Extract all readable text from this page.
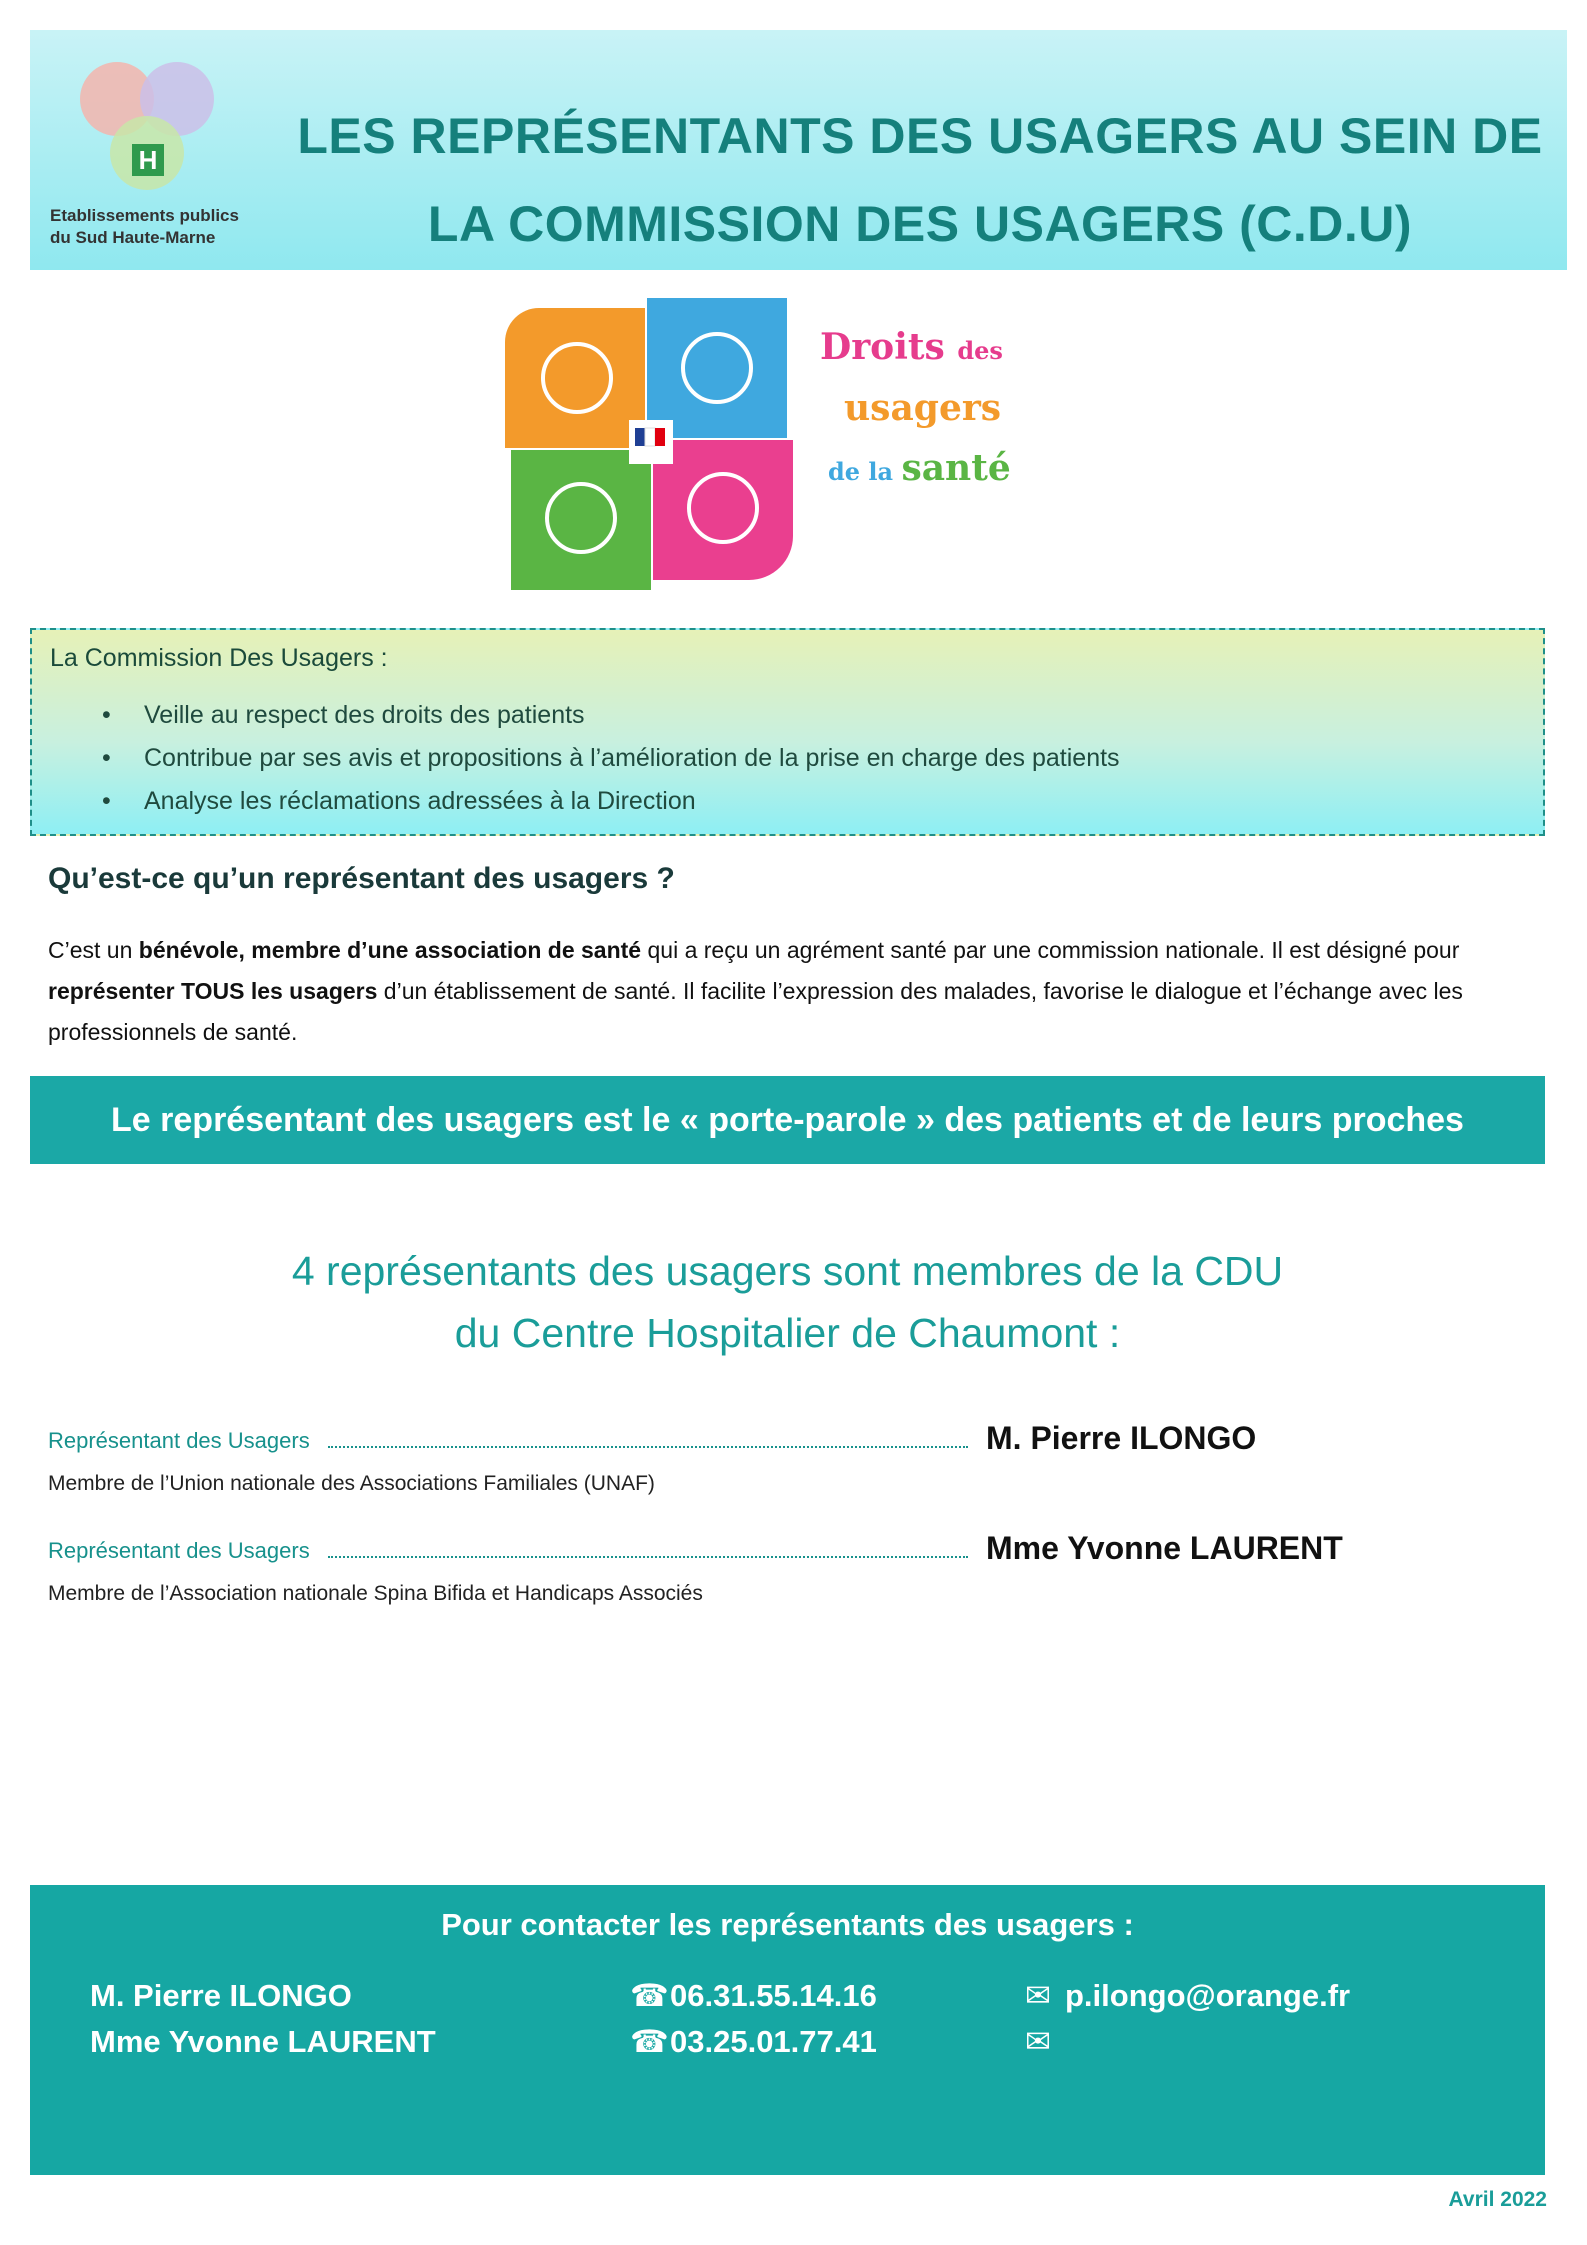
H
Etablissements publics
du Sud Haute-Marne
LES REPRÉSENTANTS DES USAGERS AU SEIN DE
LA COMMISSION DES USAGERS (C.D.U)
Droits des
usagers
de la santé
La Commission Des Usagers :
• Veille au respect des droits des patients
• Contribue par ses avis et propositions à l’amélioration de la prise en charge des patients
• Analyse les réclamations adressées à la Direction
Qu’est-ce qu’un représentant des usagers ?
C’est un bénévole, membre d’une association de santé qui a reçu un agrément santé par une commission nationale. Il est désigné pour représenter TOUS les usagers d’un établissement de santé. Il facilite l’expression des malades, favorise le dialogue et l’échange avec les professionnels de santé.
Le représentant des usagers est le « porte-parole » des patients et de leurs proches
4 représentants des usagers sont membres de la CDU
du Centre Hospitalier de Chaumont :
Représentant des Usagers	M. Pierre ILONGO
Membre de l’Union nationale des Associations Familiales (UNAF)
Représentant des Usagers	Mme Yvonne LAURENT
Membre de l’Association nationale Spina Bifida et Handicaps Associés
Pour contacter les représentants des usagers :
M. Pierre ILONGO
Mme Yvonne LAURENT
☎06.31.55.14.16
☎03.25.01.77.41
✉ p.ilongo@orange.fr
✉
Avril 2022
